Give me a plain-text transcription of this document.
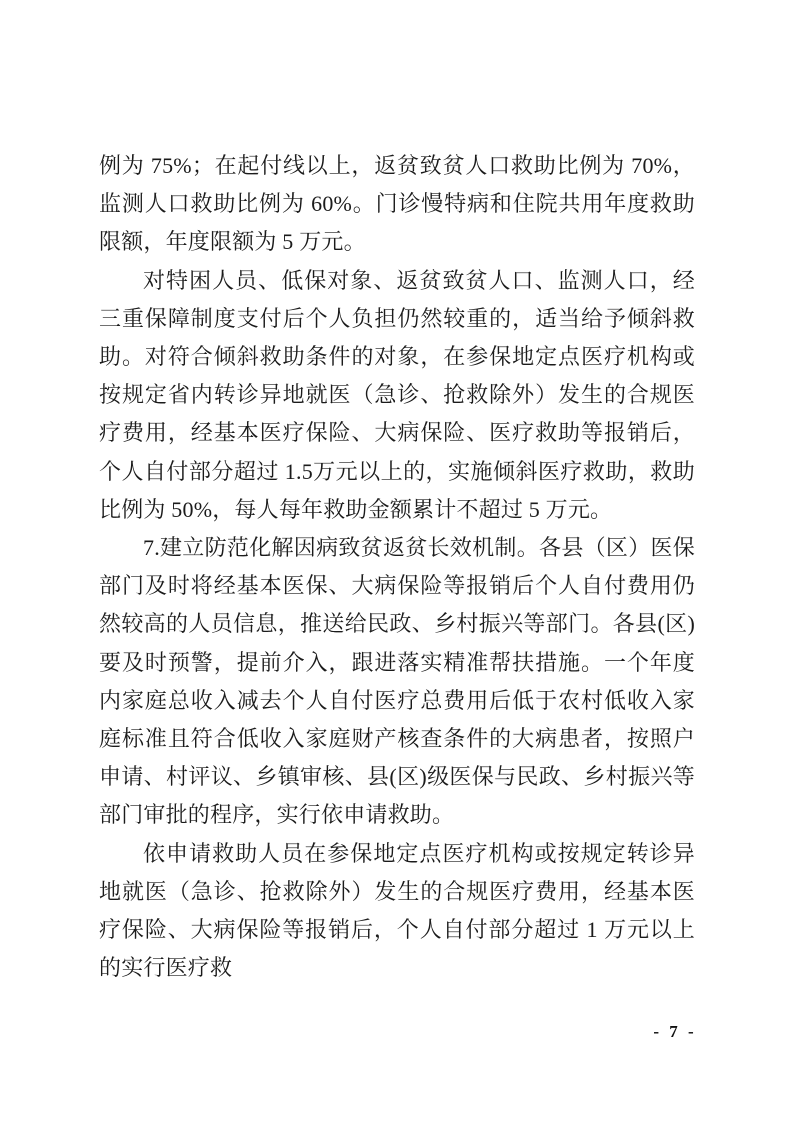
例为 75%；在起付线以上，返贫致贫人口救助比例为 70%，监测人口救助比例为 60%。门诊慢特病和住院共用年度救助限额，年度限额为 5 万元。

对特困人员、低保对象、返贫致贫人口、监测人口，经三重保障制度支付后个人负担仍然较重的，适当给予倾斜救助。对符合倾斜救助条件的对象，在参保地定点医疗机构或按规定省内转诊异地就医（急诊、抢救除外）发生的合规医疗费用，经基本医疗保险、大病保险、医疗救助等报销后，个人自付部分超过 1.5万元以上的，实施倾斜医疗救助，救助比例为 50%，每人每年救助金额累计不超过 5 万元。

7.建立防范化解因病致贫返贫长效机制。各县（区）医保部门及时将经基本医保、大病保险等报销后个人自付费用仍然较高的人员信息，推送给民政、乡村振兴等部门。各县(区)要及时预警，提前介入，跟进落实精准帮扶措施。一个年度内家庭总收入减去个人自付医疗总费用后低于农村低收入家庭标准且符合低收入家庭财产核查条件的大病患者，按照户申请、村评议、乡镇审核、县(区)级医保与民政、乡村振兴等部门审批的程序，实行依申请救助。

依申请救助人员在参保地定点医疗机构或按规定转诊异地就医（急诊、抢救除外）发生的合规医疗费用，经基本医疗保险、大病保险等报销后，个人自付部分超过 1 万元以上的实行医疗救

- 7 -
